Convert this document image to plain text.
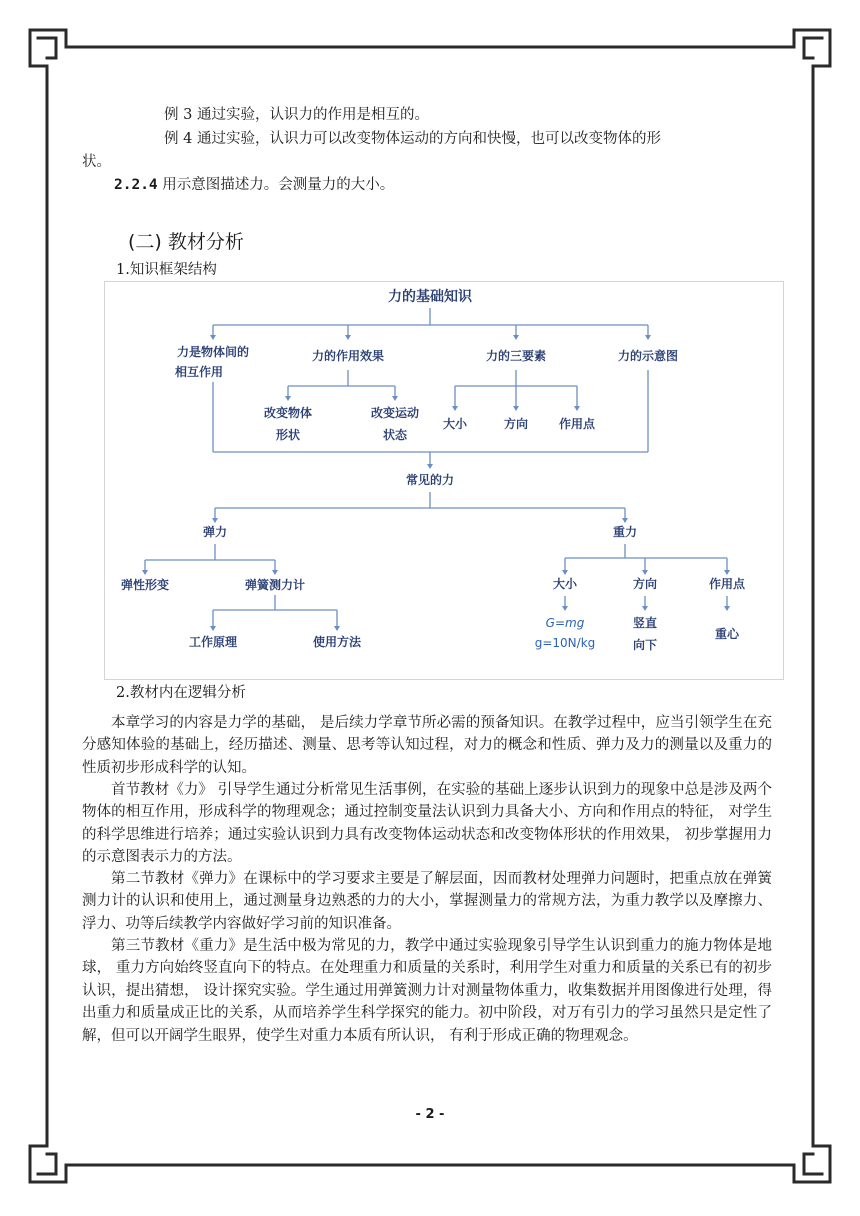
例 3 通过实验，认识力的作用是相互的。
例 4 通过实验，认识力可以改变物体运动的方向和快慢，也可以改变物体的形
状。
2.2.4 用示意图描述力。会测量力的大小。
(二) 教材分析
1.知识框架结构
力的基础知识
力是物体间的
相互作用
力的作用效果	力的三要素	力的示意图
改变物体
形状
改变运动
状态
大小	方向	作用点
常见的力
弹力	重力
弹性形变	弹簧测力计
工作原理	使用方法
大小	方向	作用点
G=mg
g=10N/kg
竖直
向下
重心
2.教材内在逻辑分析
本章学习的内容是力学的基础， 是后续力学章节所必需的预备知识。在教学过程中，应当引领学生在充分感知体验的基础上，经历描述、测量、思考等认知过程，对力的概念和性质、弹力及力的测量以及重力的性质初步形成科学的认知。
首节教材《力》 引导学生通过分析常见生活事例，在实验的基础上逐步认识到力的现象中总是涉及两个物体的相互作用，形成科学的物理观念；通过控制变量法认识到力具备大小、方向和作用点的特征， 对学生的科学思维进行培养；通过实验认识到力具有改变物体运动状态和改变物体形状的作用效果， 初步掌握用力的示意图表示力的方法。
第二节教材《弹力》在课标中的学习要求主要是了解层面，因而教材处理弹力问题时，把重点放在弹簧测力计的认识和使用上，通过测量身边熟悉的力的大小，掌握测量力的常规方法，为重力教学以及摩擦力、浮力、功等后续教学内容做好学习前的知识准备。
第三节教材《重力》是生活中极为常见的力，教学中通过实验现象引导学生认识到重力的施力物体是地球， 重力方向始终竖直向下的特点。在处理重力和质量的关系时，利用学生对重力和质量的关系已有的初步认识，提出猜想， 设计探究实验。学生通过用弹簧测力计对测量物体重力，收集数据并用图像进行处理，得出重力和质量成正比的关系，从而培养学生科学探究的能力。初中阶段，对万有引力的学习虽然只是定性了解，但可以开阔学生眼界，使学生对重力本质有所认识， 有利于形成正确的物理观念。
- 2 -
